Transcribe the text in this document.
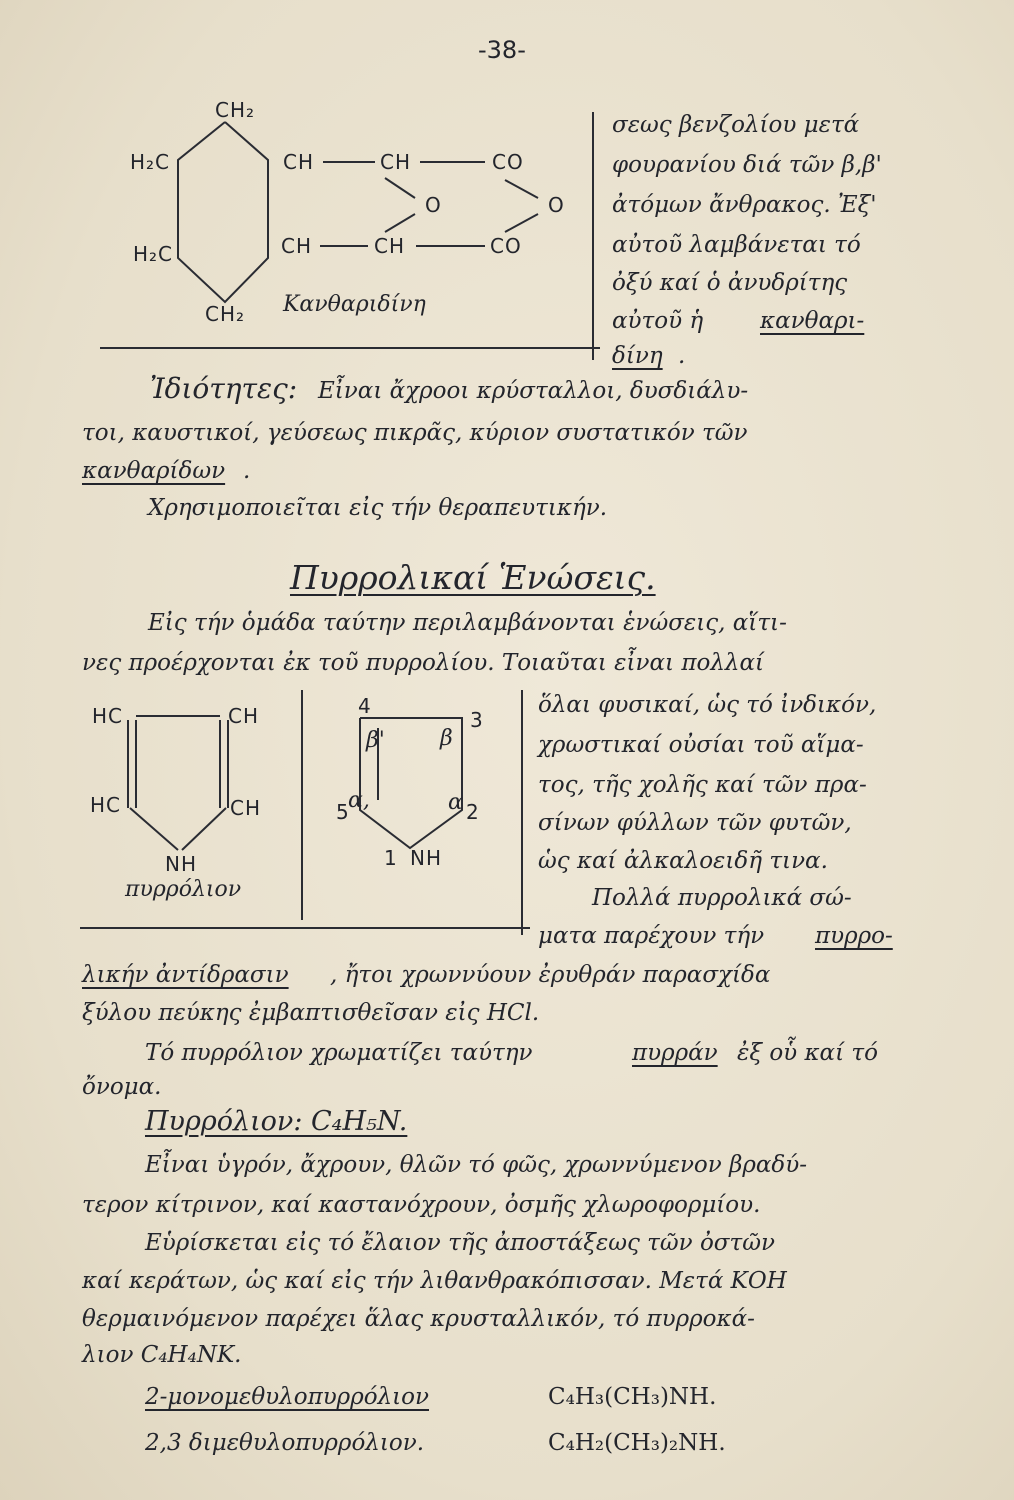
-38-
CH₂
H₂C
H₂C
CH₂
CH	CH
CH	CH
CO
CO
O	O
Κανθαριδίνη
σεως βενζολίου μετά
φουρανίου διά τῶν β,β'
ἀτόμων ἄνθρακος. Ἐξ'
αὐτοῦ λαμβάνεται τό
ὀξύ καί ὁ ἀνυδρίτης
αὐτοῦ ἡ κανθαρι-
δίνη .
Ἰδιότητες: Εἶναι ἄχροοι κρύσταλλοι, δυσδιάλυ-
τοι, καυστικοί, γεύσεως πικρᾶς, κύριον συστατικόν τῶν
κανθαρίδων .
Χρησιμοποιεῖται εἰς τήν θεραπευτικήν.
Πυρρολικαί Ἑνώσεις.
Εἰς τήν ὁμάδα ταύτην περιλαμβάνονται ἑνώσεις, αἵτι-
νες προέρχονται ἐκ τοῦ πυρρολίου. Τοιαῦται εἶναι πολλαί
HC	CH
HC	CH
NH
πυρρόλιον
4
3
5	2
1 NH
β'	β
α,	α
ὅλαι φυσικαί, ὡς τό ἰνδικόν,
χρωστικαί οὐσίαι τοῦ αἵμα-
τος, τῆς χολῆς καί τῶν πρα-
σίνων φύλλων τῶν φυτῶν,
ὡς καί ἀλκαλοειδῆ τινα.
Πολλά πυρρολικά σώ-
ματα παρέχουν τήν πυρρο-
λικήν ἀντίδρασιν , ἤτοι χρωννύουν ἐρυθράν παρασχίδα
ξύλου πεύκης ἐμβαπτισθεῖσαν εἰς HCl.
Τό πυρρόλιον χρωματίζει ταύτην	πυρράν ἐξ οὗ καί τό
ὄνομα.
Πυρρόλιον: C₄H₅N.
Εἶναι ὑγρόν, ἄχρουν, θλῶν τό φῶς, χρωννύμενον βραδύ-
τερον κίτρινον, καί καστανόχρουν, ὀσμῆς χλωροφορμίου.
Εὑρίσκεται εἰς τό ἔλαιον τῆς ἀποστάξεως τῶν ὀστῶν
καί κεράτων, ὡς καί εἰς τήν λιθανθρακόπισσαν. Μετά ΚΟΗ
θερμαινόμενον παρέχει ἅλας κρυσταλλικόν, τό πυρροκά-
λιον C₄H₄NK.
2-μονομεθυλοπυρρόλιον	C₄H₃(CH₃)NH.
2,3 διμεθυλοπυρρόλιον.	C₄H₂(CH₃)₂NH.
